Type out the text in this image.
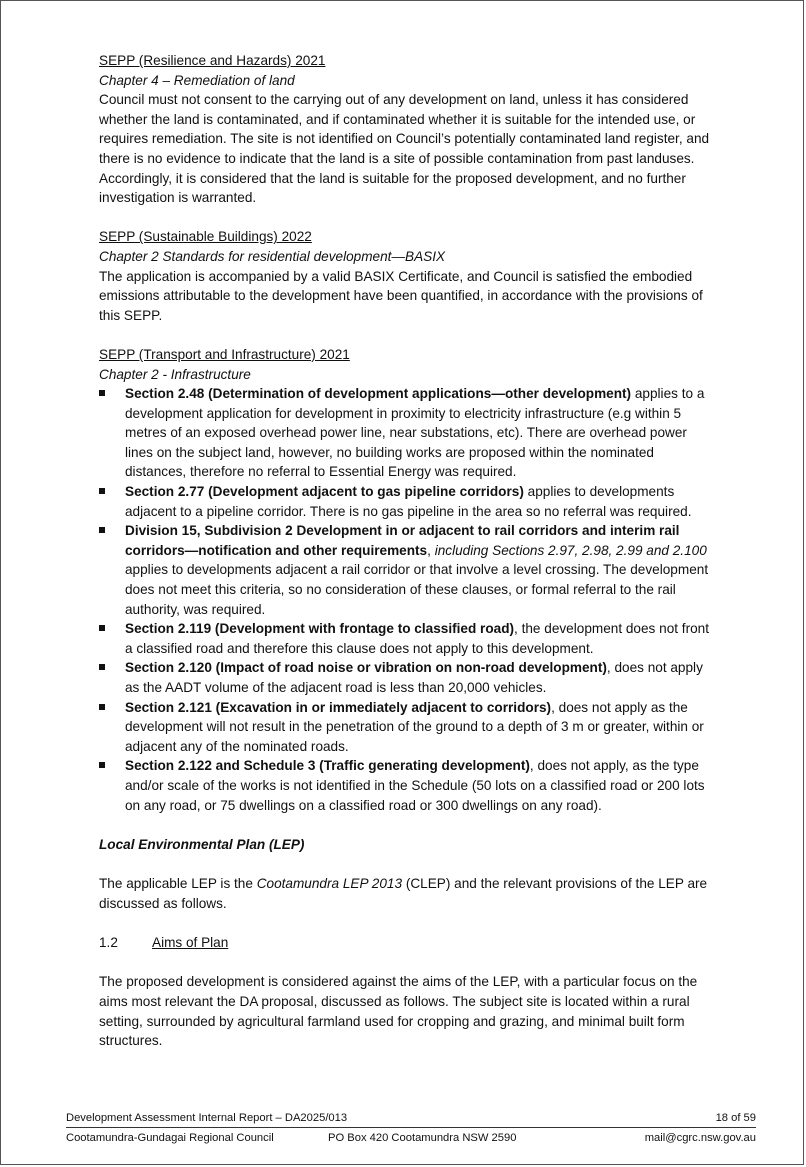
SEPP (Resilience and Hazards) 2021
Chapter 4 – Remediation of land
Council must not consent to the carrying out of any development on land, unless it has considered whether the land is contaminated, and if contaminated whether it is suitable for the intended use, or requires remediation. The site is not identified on Council’s potentially contaminated land register, and there is no evidence to indicate that the land is a site of possible contamination from past landuses. Accordingly, it is considered that the land is suitable for the proposed development, and no further investigation is warranted.
SEPP (Sustainable Buildings) 2022
Chapter 2 Standards for residential development—BASIX
The application is accompanied by a valid BASIX Certificate, and Council is satisfied the embodied emissions attributable to the development have been quantified, in accordance with the provisions of this SEPP.
SEPP (Transport and Infrastructure) 2021
Chapter 2 - Infrastructure
Section 2.48 (Determination of development applications—other development) applies to a development application for development in proximity to electricity infrastructure (e.g within 5 metres of an exposed overhead power line, near substations, etc). There are overhead power lines on the subject land, however, no building works are proposed within the nominated distances, therefore no referral to Essential Energy was required.
Section 2.77 (Development adjacent to gas pipeline corridors) applies to developments adjacent to a pipeline corridor. There is no gas pipeline in the area so no referral was required.
Division 15, Subdivision 2 Development in or adjacent to rail corridors and interim rail corridors—notification and other requirements, including Sections 2.97, 2.98, 2.99 and 2.100 applies to developments adjacent a rail corridor or that involve a level crossing. The development does not meet this criteria, so no consideration of these clauses, or formal referral to the rail authority, was required.
Section 2.119 (Development with frontage to classified road), the development does not front a classified road and therefore this clause does not apply to this development.
Section 2.120 (Impact of road noise or vibration on non-road development), does not apply as the AADT volume of the adjacent road is less than 20,000 vehicles.
Section 2.121 (Excavation in or immediately adjacent to corridors), does not apply as the development will not result in the penetration of the ground to a depth of 3 m or greater, within or adjacent any of the nominated roads.
Section 2.122 and Schedule 3 (Traffic generating development), does not apply, as the type and/or scale of the works is not identified in the Schedule (50 lots on a classified road or 200 lots on any road, or 75 dwellings on a classified road or 300 dwellings on any road).
Local Environmental Plan (LEP)
The applicable LEP is the Cootamundra LEP 2013 (CLEP) and the relevant provisions of the LEP are discussed as follows.
1.2	Aims of Plan
The proposed development is considered against the aims of the LEP, with a particular focus on the aims most relevant the DA proposal, discussed as follows. The subject site is located within a rural setting, surrounded by agricultural farmland used for cropping and grazing, and minimal built form structures.
Development Assessment Internal Report – DA2025/013	18 of 59
Cootamundra-Gundagai Regional Council	mail@cgrc.nsw.gov.au
PO Box 420 Cootamundra NSW 2590
